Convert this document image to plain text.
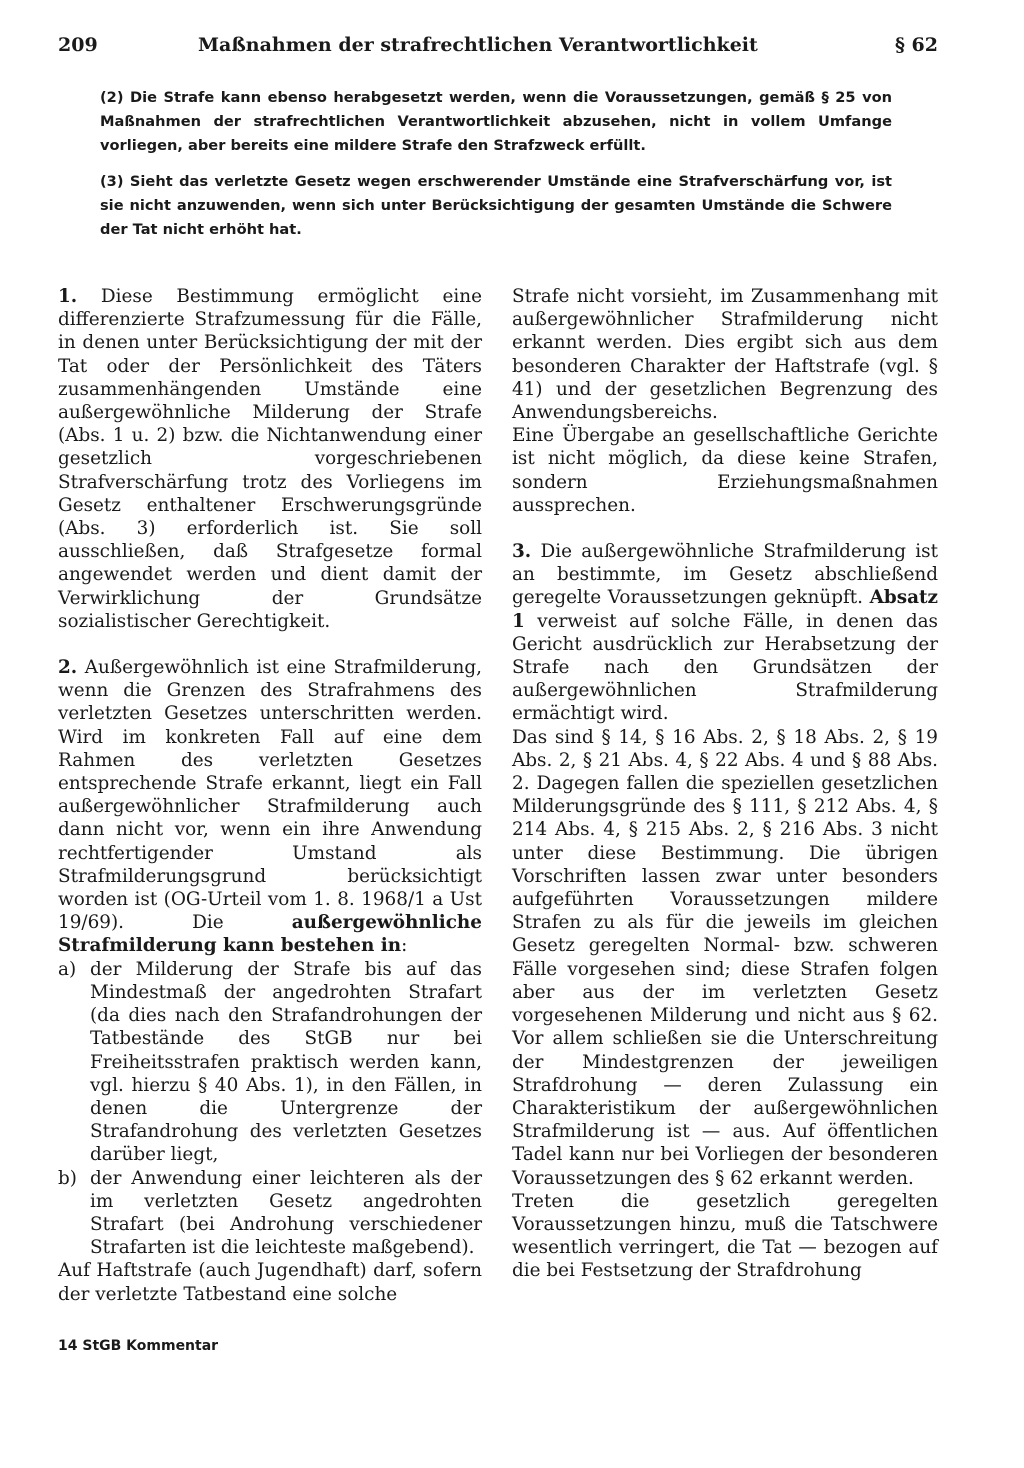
209	Maßnahmen der strafrechtlichen Verantwortlichkeit	§ 62

(2) Die Strafe kann ebenso herabgesetzt werden, wenn die Voraussetzungen, gemäß § 25 von Maßnahmen der strafrechtlichen Verantwortlichkeit abzusehen, nicht in vollem Umfange vorliegen, aber bereits eine mildere Strafe den Strafzweck erfüllt.

(3) Sieht das verletzte Gesetz wegen erschwerender Umstände eine Strafverschärfung vor, ist sie nicht anzuwenden, wenn sich unter Berücksichtigung der gesamten Umstände die Schwere der Tat nicht erhöht hat.

1. Diese Bestimmung ermöglicht eine differenzierte Strafzumessung für die Fälle, in denen unter Berücksichtigung der mit der Tat oder der Persönlichkeit des Täters zusammenhängenden Umstände eine außergewöhnliche Milderung der Strafe (Abs. 1 u. 2) bzw. die Nichtanwendung einer gesetzlich vorgeschriebenen Strafverschärfung trotz des Vorliegens im Gesetz enthaltener Erschwerungsgründe (Abs. 3) erforderlich ist. Sie soll ausschließen, daß Strafgesetze formal angewendet werden und dient damit der Verwirklichung der Grundsätze sozialistischer Gerechtigkeit.

2. Außergewöhnlich ist eine Strafmilderung, wenn die Grenzen des Strafrahmens des verletzten Gesetzes unterschritten werden. Wird im konkreten Fall auf eine dem Rahmen des verletzten Gesetzes entsprechende Strafe erkannt, liegt ein Fall außergewöhnlicher Strafmilderung auch dann nicht vor, wenn ein ihre Anwendung rechtfertigender Umstand als Strafmilderungsgrund berücksichtigt worden ist (OG-Urteil vom 1. 8. 1968/1 a Ust 19/69). Die	außergewöhnliche Strafmilderung kann bestehen in:

a) der Milderung der Strafe bis auf das Mindestmaß der angedrohten Strafart (da dies nach den Strafandrohungen der Tatbestände des StGB nur bei Freiheitsstrafen praktisch werden kann, vgl. hierzu § 40 Abs. 1), in den Fällen, in denen die Untergrenze der Strafandrohung des verletzten Gesetzes darüber liegt,

b) der Anwendung einer leichteren als der im verletzten Gesetz angedrohten Strafart (bei Androhung verschiedener Strafarten ist die leichteste maßgebend).

Auf Haftstrafe (auch Jugendhaft) darf, sofern der verletzte Tatbestand eine solche

Strafe nicht vorsieht, im Zusammenhang mit außergewöhnlicher Strafmilderung nicht erkannt werden. Dies ergibt sich aus dem besonderen Charakter der Haftstrafe (vgl. § 41) und der gesetzlichen Begrenzung des Anwendungsbereichs.

Eine Übergabe an gesellschaftliche Gerichte ist nicht möglich, da diese keine Strafen, sondern Erziehungsmaßnahmen aussprechen.

3. Die außergewöhnliche Strafmilderung ist an bestimmte, im Gesetz abschließend geregelte Voraussetzungen geknüpft. Absatz 1 verweist auf solche Fälle, in denen das Gericht ausdrücklich zur Herabsetzung der Strafe nach den Grundsätzen der außergewöhnlichen Strafmilderung ermächtigt wird.

Das sind § 14, § 16 Abs. 2, § 18 Abs. 2, § 19 Abs. 2, § 21 Abs. 4, § 22 Abs. 4 und § 88 Abs. 2. Dagegen fallen die speziellen gesetzlichen Milderungsgründe des § 111, § 212 Abs. 4, § 214 Abs. 4, § 215 Abs. 2, § 216 Abs. 3 nicht unter diese Bestimmung. Die übrigen Vorschriften lassen zwar unter besonders aufgeführten Voraussetzungen mildere Strafen zu als für die jeweils im gleichen Gesetz geregelten Normal- bzw. schweren Fälle vorgesehen sind; diese Strafen folgen aber aus der im verletzten Gesetz vorgesehenen Milderung und nicht aus § 62. Vor allem schließen sie die Unterschreitung der Mindestgrenzen der jeweiligen Strafdrohung — deren Zulassung ein Charakteristikum der außergewöhnlichen Strafmilderung ist — aus. Auf öffentlichen Tadel kann nur bei Vorliegen der besonderen Voraussetzungen des § 62 erkannt werden.

Treten die gesetzlich geregelten Voraussetzungen hinzu, muß die Tatschwere wesentlich verringert, die Tat — bezogen auf die bei Festsetzung der Strafdrohung

14 StGB Kommentar
